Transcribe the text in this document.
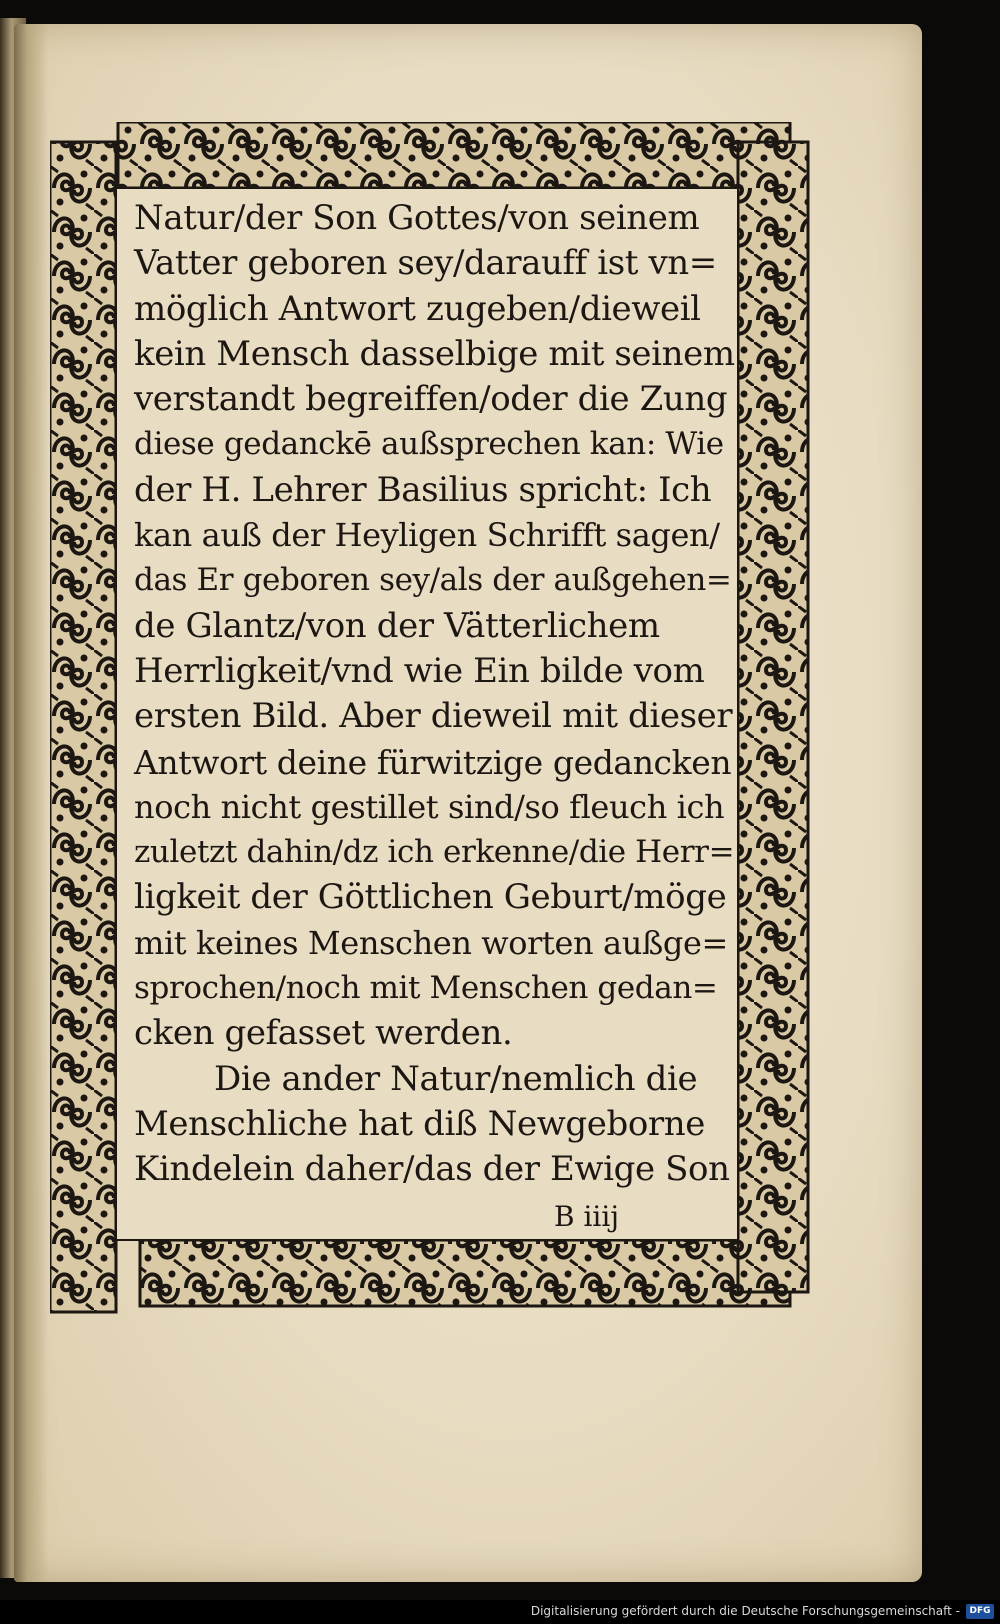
Natur/der Son Gottes/von seinem
Vatter geboren sey/darauff ist vn=
möglich Antwort zugeben/dieweil
kein Mensch dasselbige mit seinem
verstandt begreiffen/oder die Zung
diese gedanckē außsprechen kan: Wie
der H. Lehrer Basilius spricht: Ich
kan auß der Heyligen Schrifft sagen/
das Er geboren sey/als der außgehen=
de Glantz/von der Vätterlichem
Herrligkeit/vnd wie Ein bilde vom
ersten Bild. Aber dieweil mit dieser
Antwort deine fürwitzige gedancken
noch nicht gestillet sind/so fleuch ich
zuletzt dahin/dz ich erkenne/die Herr=
ligkeit der Göttlichen Geburt/möge
mit keines Menschen worten außge=
sprochen/noch mit Menschen gedan=
cken gefasset werden.
Die ander Natur/nemlich die
Menschliche hat diß Newgeborne
Kindelein daher/das der Ewige Son
B iiij
Digitalisierung gefördert durch die Deutsche Forschungsgemeinschaft -	DFG
